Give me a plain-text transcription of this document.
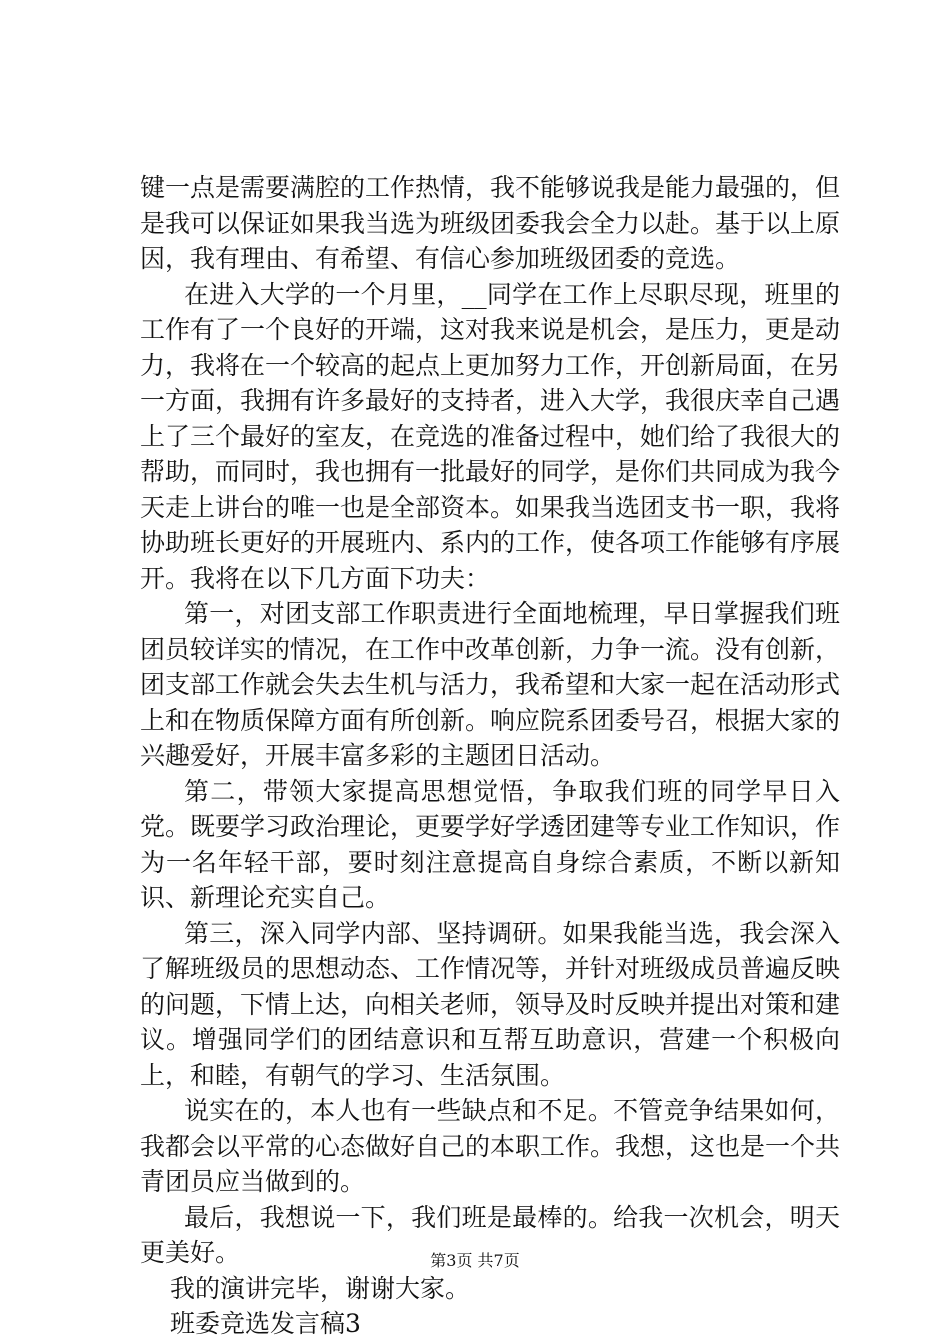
键一点是需要满腔的工作热情，我不能够说我是能力最强的，但是我可以保证如果我当选为班级团委我会全力以赴。基于以上原因，我有理由、有希望、有信心参加班级团委的竞选。

在进入大学的一个月里，__同学在工作上尽职尽现，班里的工作有了一个良好的开端，这对我来说是机会，是压力，更是动力，我将在一个较高的起点上更加努力工作，开创新局面，在另一方面，我拥有许多最好的支持者，进入大学，我很庆幸自己遇上了三个最好的室友，在竞选的准备过程中，她们给了我很大的帮助，而同时，我也拥有一批最好的同学，是你们共同成为我今天走上讲台的唯一也是全部资本。如果我当选团支书一职，我将协助班长更好的开展班内、系内的工作，使各项工作能够有序展开。我将在以下几方面下功夫：

第一，对团支部工作职责进行全面地梳理，早日掌握我们班团员较详实的情况，在工作中改革创新，力争一流。没有创新，团支部工作就会失去生机与活力，我希望和大家一起在活动形式上和在物质保障方面有所创新。响应院系团委号召，根据大家的兴趣爱好，开展丰富多彩的主题团日活动。

第二，带领大家提高思想觉悟，争取我们班的同学早日入党。既要学习政治理论，更要学好学透团建等专业工作知识，作为一名年轻干部，要时刻注意提高自身综合素质，不断以新知识、新理论充实自己。

第三，深入同学内部、坚持调研。如果我能当选，我会深入了解班级员的思想动态、工作情况等，并针对班级成员普遍反映的问题，下情上达，向相关老师，领导及时反映并提出对策和建议。增强同学们的团结意识和互帮互助意识，营建一个积极向上，和睦，有朝气的学习、生活氛围。

说实在的，本人也有一些缺点和不足。不管竞争结果如何，我都会以平常的心态做好自己的本职工作。我想，这也是一个共青团员应当做到的。

最后，我想说一下，我们班是最棒的。给我一次机会，明天更美好。

我的演讲完毕，谢谢大家。

班委竞选发言稿3

第3页 共7页
